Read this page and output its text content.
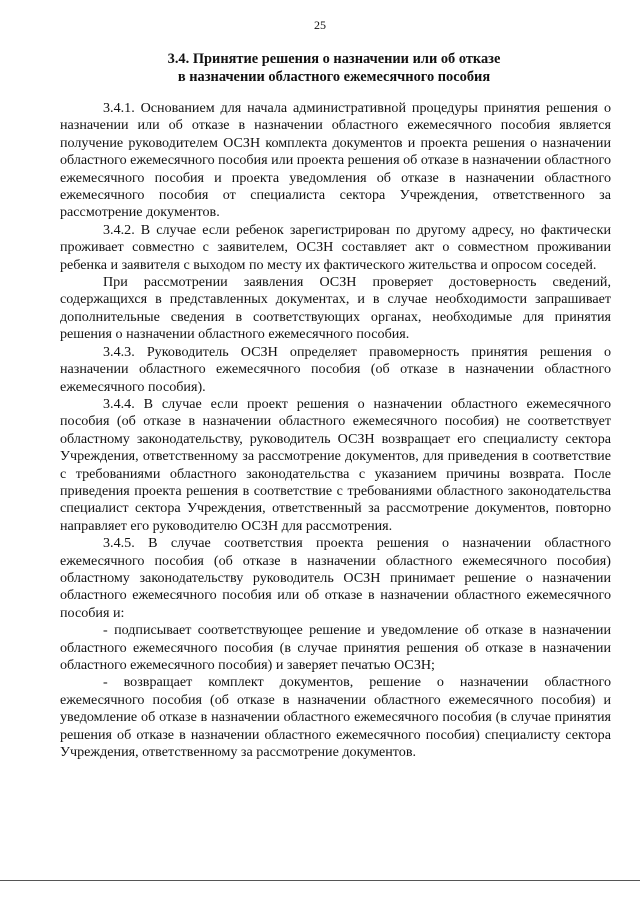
25
3.4. Принятие решения о назначении или об отказе
в назначении областного ежемесячного пособия

3.4.1. Основанием для начала административной процедуры принятия решения о назначении или об отказе в назначении областного ежемесячного пособия является получение руководителем ОСЗН комплекта документов и проекта решения о назначении областного ежемесячного пособия или проекта решения об отказе в назначении областного ежемесячного пособия и проекта уведомления об отказе в назначении областного ежемесячного пособия от специалиста сектора Учреждения, ответственного за рассмотрение документов.

3.4.2. В случае если ребенок зарегистрирован по другому адресу, но фактически проживает совместно с заявителем, ОСЗН составляет акт о совместном проживании ребенка и заявителя с выходом по месту их фактического жительства и опросом соседей.

При рассмотрении заявления ОСЗН проверяет достоверность сведений, содержащихся в представленных документах, и в случае необходимости запрашивает дополнительные сведения в соответствующих органах, необходимые для принятия решения о назначении областного ежемесячного пособия.

3.4.3. Руководитель ОСЗН определяет правомерность принятия решения о назначении областного ежемесячного пособия (об отказе в назначении областного ежемесячного пособия).

3.4.4. В случае если проект решения о назначении областного ежемесячного пособия (об отказе в назначении областного ежемесячного пособия) не соответствует областному законодательству, руководитель ОСЗН возвращает его специалисту сектора Учреждения, ответственному за рассмотрение документов, для приведения в соответствие с требованиями областного законодательства с указанием причины возврата. После приведения проекта решения в соответствие с требованиями областного законодательства специалист сектора Учреждения, ответственный за рассмотрение документов, повторно направляет его руководителю ОСЗН для рассмотрения.

3.4.5. В случае соответствия проекта решения о назначении областного ежемесячного пособия (об отказе в назначении областного ежемесячного пособия) областному законодательству руководитель ОСЗН принимает решение о назначении областного ежемесячного пособия или об отказе в назначении областного ежемесячного пособия и:

- подписывает соответствующее решение и уведомление об отказе в назначении областного ежемесячного пособия (в случае принятия решения об отказе в назначении областного ежемесячного пособия) и заверяет печатью ОСЗН;

- возвращает комплект документов, решение о назначении областного ежемесячного пособия (об отказе в назначении областного ежемесячного пособия) и уведомление об отказе в назначении областного ежемесячного пособия (в случае принятия решения об отказе в назначении областного ежемесячного пособия) специалисту сектора Учреждения, ответственному за рассмотрение документов.
